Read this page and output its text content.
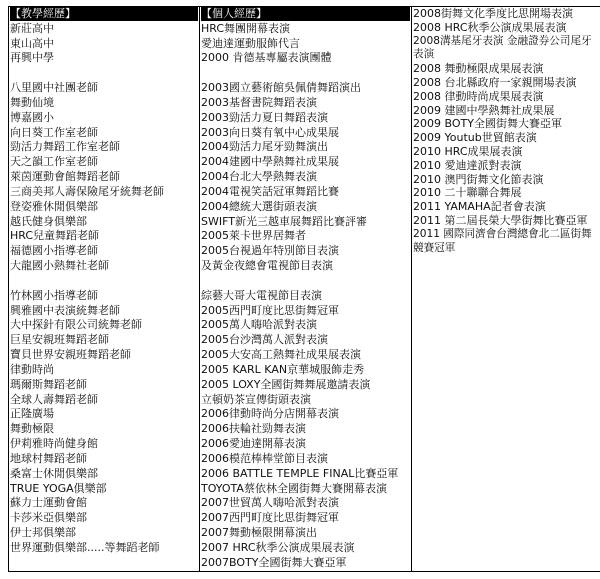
【教學經歷】
新莊高中
東山高中
再興中學
八里國中社團老師
舞動仙境
博嘉國小
向日葵工作室老師
勁活力舞蹈工作室老師
天之韻工作室老師
萊茵運動會館舞蹈老師
三商美邦人壽保險尾牙統舞老師
登姿雅休閒俱樂部
越氏健身俱樂部
HRC兒童舞蹈老師
福德國小指導老師
大龍國小熱舞社老師
竹林國小指導老師
興雅國中表演統舞老師
大中探針有限公司統舞老師
巨星安親班舞蹈老師
寶貝世界安親班舞蹈老師
律動時尚
瑪爾斯舞蹈老師
全球人壽舞蹈老師
正隆廣場
舞動極限
伊莉雅時尚健身館
地球村舞蹈老師
桑富士休閒俱樂部
TRUE YOGA俱樂部
蘇力士運動會館
卡莎米亞俱樂部
伊士邦俱樂部
世界運動俱樂部.....等舞蹈老師

【個人經歷】
HRC舞團開幕表演
愛迪達運動服飾代言
2000 肯德基專屬表演團體
2003國立藝術館吳佩倩舞蹈演出
2003基督書院舞蹈表演
2003勁活力夏日舞蹈表演
2003向日葵有氧中心成果展
2004勁活力尾牙勁舞演出
2004建國中學熱舞社成果展
2004台北大學熱舞表演
2004電視笑話冠軍舞蹈比賽
2004總統大選街頭表演
SWIFT新光三越車展舞蹈比賽評審
2005萊卡世界居舞者
2005台視過年特別節目表演
及黃金夜總會電視節目表演
綜藝大哥大電視節目表演
2005西門町度比思街舞冠軍
2005萬人嗨哈派對表演
2005台沙灣萬人派對表演
2005大安高工熱舞社成果展表演
2005 KARL KAN京華城服飾走秀
2005 LOXY全國街舞舞展邀請表演
立頓奶茶宣傳街頭表演
2006律動時尚分店開幕表演
2006扶輪社勁舞表演
2006愛迪達開幕表演
2006模范棒棒堂節目表演
2006 BATTLE TEMPLE FINAL比賽亞軍
TOYOTA蔡依林全國街舞大賽開幕表演
2007世貿萬人嗨哈派對表演
2007西門町度比思街舞冠軍
2007舞動極限開幕演出
2007 HRC秋季公演成果展表演
2007BOTY全國街舞大賽亞軍

2008街舞文化季度比思開場表演
2008 HRC秋季公演成果展表演
2008溝基尾牙表演 金融證券公司尾牙表演
2008 舞動極限成果展表演
2008 台北縣政府一家親開場表演
2008 律動時尚成果展表演
2009 建國中學熱舞社成果展
2009 BOTY全國街舞大賽亞軍
2009 Youtub世貿館表演
2010 HRC成果展表演
2010 愛迪達派對表演
2010 澳門街舞文化節表演
2010 二十聯聯合舞展
2011 YAMAHA記者會表演
2011 第二屆長榮大學街舞比賽亞軍
2011 國際同濟會台灣總會北二區街舞競賽冠軍
